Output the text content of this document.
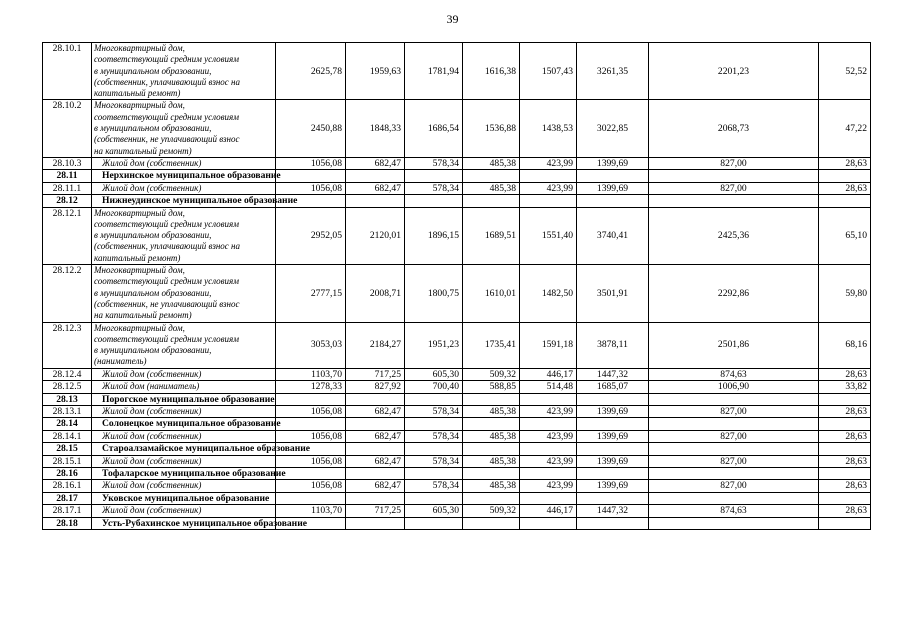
39
28.10.1	Многоквартирный дом,
соответствующий средним условиям
в муниципальном образовании,
(собственник, уплачивающий взнос на
капитальный ремонт)	2625,78	1959,63	1781,94	1616,38	1507,43	3261,35	2201,23	52,52
28.10.2	Многоквартирный дом,
соответствующий средним условиям
в муниципальном образовании,
(собственник, не уплачивающий взнос
на капитальный ремонт)	2450,88	1848,33	1686,54	1536,88	1438,53	3022,85	2068,73	47,22
28.10.3	Жилой дом (собственник)	1056,08	682,47	578,34	485,38	423,99	1399,69	827,00	28,63
28.11	Нерхинское муниципальное образование								
28.11.1	Жилой дом (собственник)	1056,08	682,47	578,34	485,38	423,99	1399,69	827,00	28,63
28.12	Нижнеудинское муниципальное образование								
28.12.1	Многоквартирный дом,
соответствующий средним условиям
в муниципальном образовании,
(собственник, уплачивающий взнос на
капитальный ремонт)	2952,05	2120,01	1896,15	1689,51	1551,40	3740,41	2425,36	65,10
28.12.2	Многоквартирный дом,
соответствующий средним условиям
в муниципальном образовании,
(собственник, не уплачивающий взнос
на капитальный ремонт)	2777,15	2008,71	1800,75	1610,01	1482,50	3501,91	2292,86	59,80
28.12.3	Многоквартирный дом,
соответствующий средним условиям
в муниципальном образовании,
(наниматель)	3053,03	2184,27	1951,23	1735,41	1591,18	3878,11	2501,86	68,16
28.12.4	Жилой дом (собственник)	1103,70	717,25	605,30	509,32	446,17	1447,32	874,63	28,63
28.12.5	Жилой дом (наниматель)	1278,33	827,92	700,40	588,85	514,48	1685,07	1006,90	33,82
28.13	Порогское муниципальное образование								
28.13.1	Жилой дом (собственник)	1056,08	682,47	578,34	485,38	423,99	1399,69	827,00	28,63
28.14	Солонецкое муниципальное образование								
28.14.1	Жилой дом (собственник)	1056,08	682,47	578,34	485,38	423,99	1399,69	827,00	28,63
28.15	Староалзамайское муниципальное образование								
28.15.1	Жилой дом (собственник)	1056,08	682,47	578,34	485,38	423,99	1399,69	827,00	28,63
28.16	Тофаларское муниципальное образование								
28.16.1	Жилой дом (собственник)	1056,08	682,47	578,34	485,38	423,99	1399,69	827,00	28,63
28.17	Уковское муниципальное образование								
28.17.1	Жилой дом (собственник)	1103,70	717,25	605,30	509,32	446,17	1447,32	874,63	28,63
28.18	Усть-Рубахинское муниципальное образование								
